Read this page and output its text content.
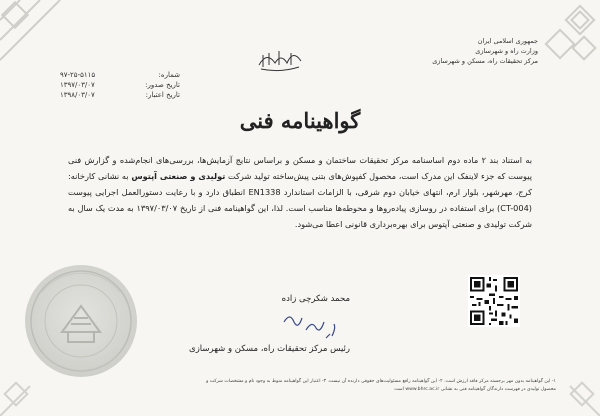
جمهوری اسلامی ایران
وزارت راه و شهرسازی
مرکز تحقیقات راه، مسکن و شهرسازی
شماره:
۹۷-۲۵-۵۱۱۵
تاریخ صدور:
۱۳۹۷/۰۳/۰۷
تاریخ اعتبار:
۱۳۹۸/۰۳/۰۷
گواهینامه فنی
به استناد بند ۲ ماده دوم اساسنامه مرکز تحقیقات ساختمان و مسکن و براساس نتایج آزمایش‌ها، بررسی‌های انجام‌شده و گزارش فنی پیوست که جزء لاینفک این مدرک است، محصول کفپوش‌های بتنی پیش‌ساخته تولید شرکت تولیدی و صنعتی آپتوس به نشانی کارخانه: کرج، مهرشهر، بلوار ارم، انتهای خیابان دوم شرقی، با الزامات استاندارد EN1338 انطباق دارد و با رعایت دستورالعمل اجرایی پیوست (CT-004) برای استفاده در روسازی پیاده‌روها و محوطه‌ها مناسب است. لذا، این گواهینامه فنی از تاریخ ۱۳۹۷/۰۳/۰۷ به مدت یک سال به شرکت تولیدی و صنعتی آپتوس برای بهره‌برداری قانونی اعطا می‌شود.
محمد شکرچی زاده
رئیس مرکز تحقیقات راه، مسکن و شهرسازی
۱- این گواهینامه بدون مهر برجسته مرکز فاقد ارزش است. ۲- این گواهینامه رافع مسئولیت‌های حقوقی دارنده آن نیست. ۳- اعتبار این گواهینامه منوط به وجود نام و مشخصات شرکت و
محصول تولیدی در فهرست دارندگان گواهینامه فنی به نشانی www.bhrc.ac.ir است
